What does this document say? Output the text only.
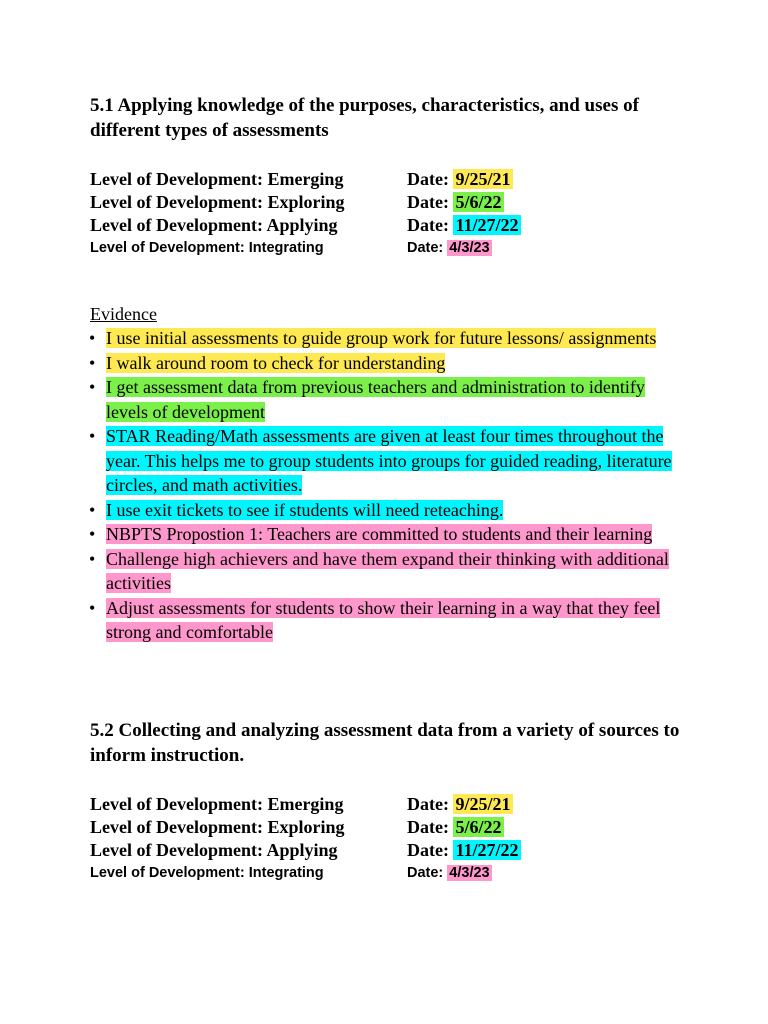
5.1 Applying knowledge of the purposes, characteristics, and uses of different types of assessments
Level of Development: Emerging	Date: 9/25/21
Level of Development: Exploring	Date: 5/6/22
Level of Development: Applying	Date: 11/27/22
Level of Development: Integrating	Date: 4/3/23

Evidence

• I use initial assessments to guide group work for future lessons/ assignments
• I walk around room to check for understanding
• I get assessment data from previous teachers and administration to identify levels of development
• STAR Reading/Math assessments are given at least four times throughout the year. This helps me to group students into groups for guided reading, literature circles, and math activities.
• I use exit tickets to see if students will need reteaching.
• NBPTS Propostion 1: Teachers are committed to students and their learning
• Challenge high achievers and have them expand their thinking with additional activities
• Adjust assessments for students to show their learning in a way that they feel strong and comfortable
5.2 Collecting and analyzing assessment data from a variety of sources to inform instruction.
Level of Development: Emerging	Date: 9/25/21
Level of Development: Exploring	Date: 5/6/22
Level of Development: Applying	Date: 11/27/22
Level of Development: Integrating	Date: 4/3/23
